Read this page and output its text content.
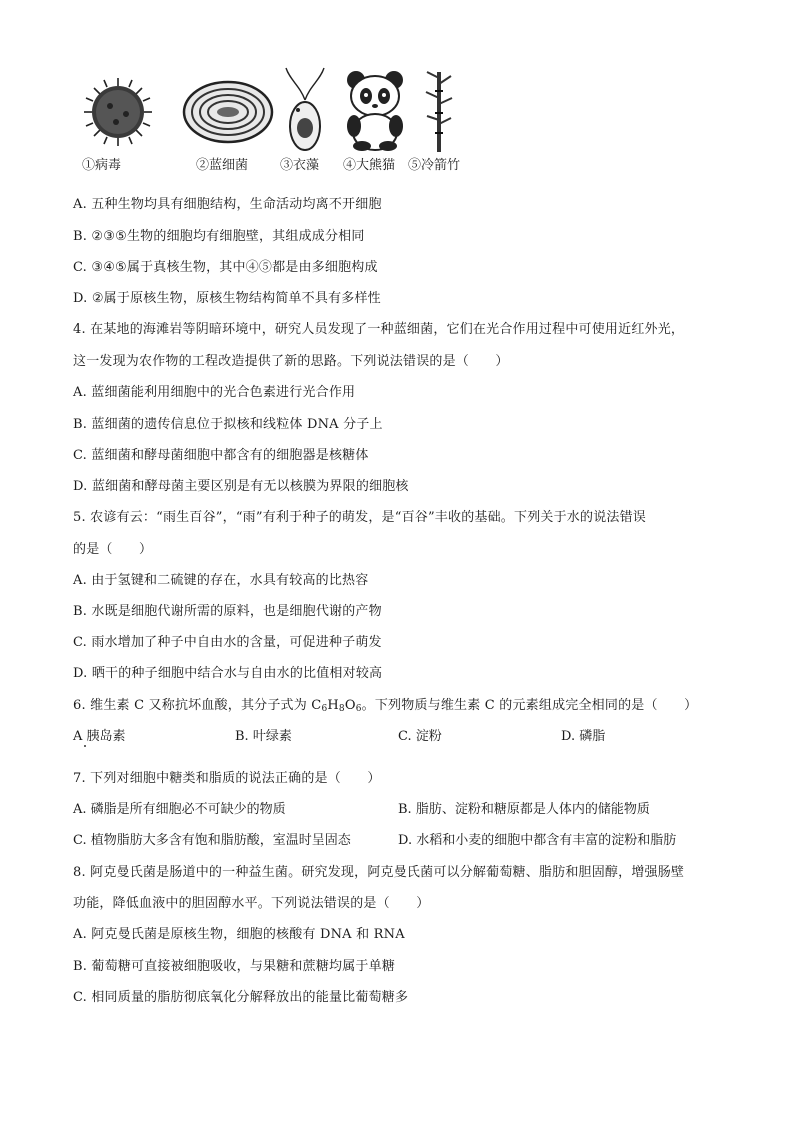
①病毒	②蓝细菌 ③衣藻 ④大熊猫 ⑤冷箭竹
A. 五种生物均具有细胞结构，生命活动均离不开细胞
B. ②③⑤生物的细胞均有细胞壁，其组成成分相同
C. ③④⑤属于真核生物，其中④⑤都是由多细胞构成
D. ②属于原核生物，原核生物结构简单不具有多样性
4. 在某地的海滩岩等阴暗环境中，研究人员发现了一种蓝细菌，它们在光合作用过程中可使用近红外光，
这一发现为农作物的工程改造提供了新的思路。下列说法错误的是（　　）
A. 蓝细菌能利用细胞中的光合色素进行光合作用
B. 蓝细菌的遗传信息位于拟核和线粒体 DNA 分子上
C. 蓝细菌和酵母菌细胞中都含有的细胞器是核糖体
D. 蓝细菌和酵母菌主要区别是有无以核膜为界限的细胞核
5. 农谚有云：“雨生百谷”，“雨”有利于种子的萌发，是“百谷”丰收的基础。下列关于水的说法错误
的是（　　）
A. 由于氢键和二硫键的存在，水具有较高的比热容
B. 水既是细胞代谢所需的原料，也是细胞代谢的产物
C. 雨水增加了种子中自由水的含量，可促进种子萌发
D. 晒干的种子细胞中结合水与自由水的比值相对较高
6. 维生素 C 又称抗坏血酸，其分子式为 $C_6H_8O_6$。下列物质与维生素 C 的元素组成完全相同的是（　　）
A 胰岛素	B. 叶绿素	C. 淀粉	D. 磷脂
7. 下列对细胞中糖类和脂质的说法正确的是（　　）
A. 磷脂是所有细胞必不可缺少的物质	B. 脂肪、淀粉和糖原都是人体内的储能物质
C. 植物脂肪大多含有饱和脂肪酸，室温时呈固态	D. 水稻和小麦的细胞中都含有丰富的淀粉和脂肪
8. 阿克曼氏菌是肠道中的一种益生菌。研究发现，阿克曼氏菌可以分解葡萄糖、脂肪和胆固醇，增强肠壁
功能，降低血液中的胆固醇水平。下列说法错误的是（　　）
A. 阿克曼氏菌是原核生物，细胞的核酸有 DNA 和 RNA
B. 葡萄糖可直接被细胞吸收，与果糖和蔗糖均属于单糖
C. 相同质量的脂肪彻底氧化分解释放出的能量比葡萄糖多
